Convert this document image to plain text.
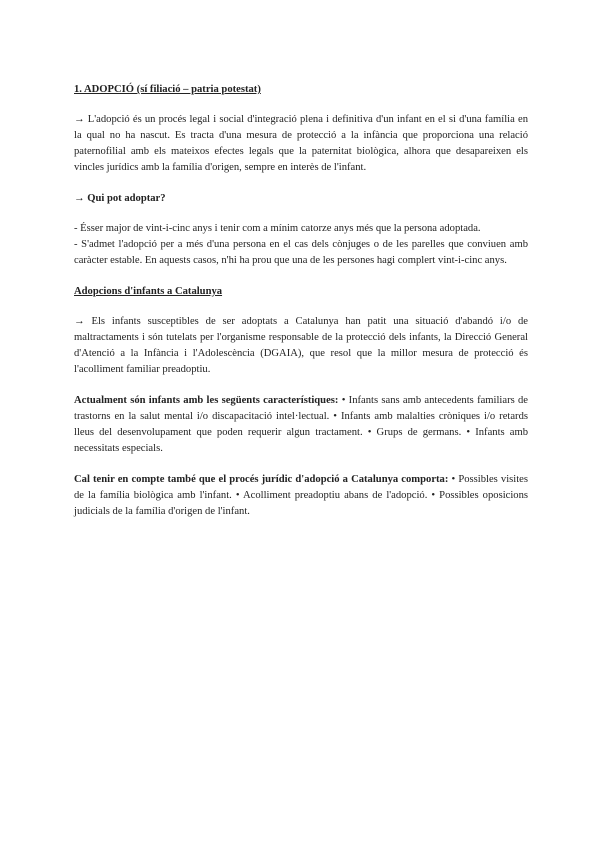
1. ADOPCIÓ (sí filiació – patria potestat)

→ L'adopció és un procés legal i social d'integració plena i definitiva d'un infant en el si d'una família en la qual no ha nascut. Es tracta d'una mesura de protecció a la infància que proporciona una relació paternofilial amb els mateixos efectes legals que la paternitat biològica, alhora que desapareixen els vincles jurídics amb la família d'origen, sempre en interès de l'infant.

→ Qui pot adoptar?

- Ésser major de vint-i-cinc anys i tenir com a mínim catorze anys més que la persona adoptada.

- S'admet l'adopció per a més d'una persona en el cas dels cònjuges o de les parelles que conviuen amb caràcter estable. En aquests casos, n'hi ha prou que una de les persones hagi complert vint-i-cinc anys.

Adopcions d'infants a Catalunya

→ Els infants susceptibles de ser adoptats a Catalunya han patit una situació d'abandó i/o de maltractaments i són tutelats per l'organisme responsable de la protecció dels infants, la Direcció General d'Atenció a la Infància i l'Adolescència (DGAIA), que resol que la millor mesura de protecció és l'acolliment familiar preadoptiu.

Actualment són infants amb les següents característiques: • Infants sans amb antecedents familiars de trastorns en la salut mental i/o discapacitació intel·lectual. • Infants amb malalties cròniques i/o retards lleus del desenvolupament que poden requerir algun tractament. • Grups de germans. • Infants amb necessitats especials.

Cal tenir en compte també que el procés jurídic d'adopció a Catalunya comporta: • Possibles visites de la família biològica amb l'infant. • Acolliment preadoptiu abans de l'adopció. • Possibles oposicions judicials de la família d'origen de l'infant.
